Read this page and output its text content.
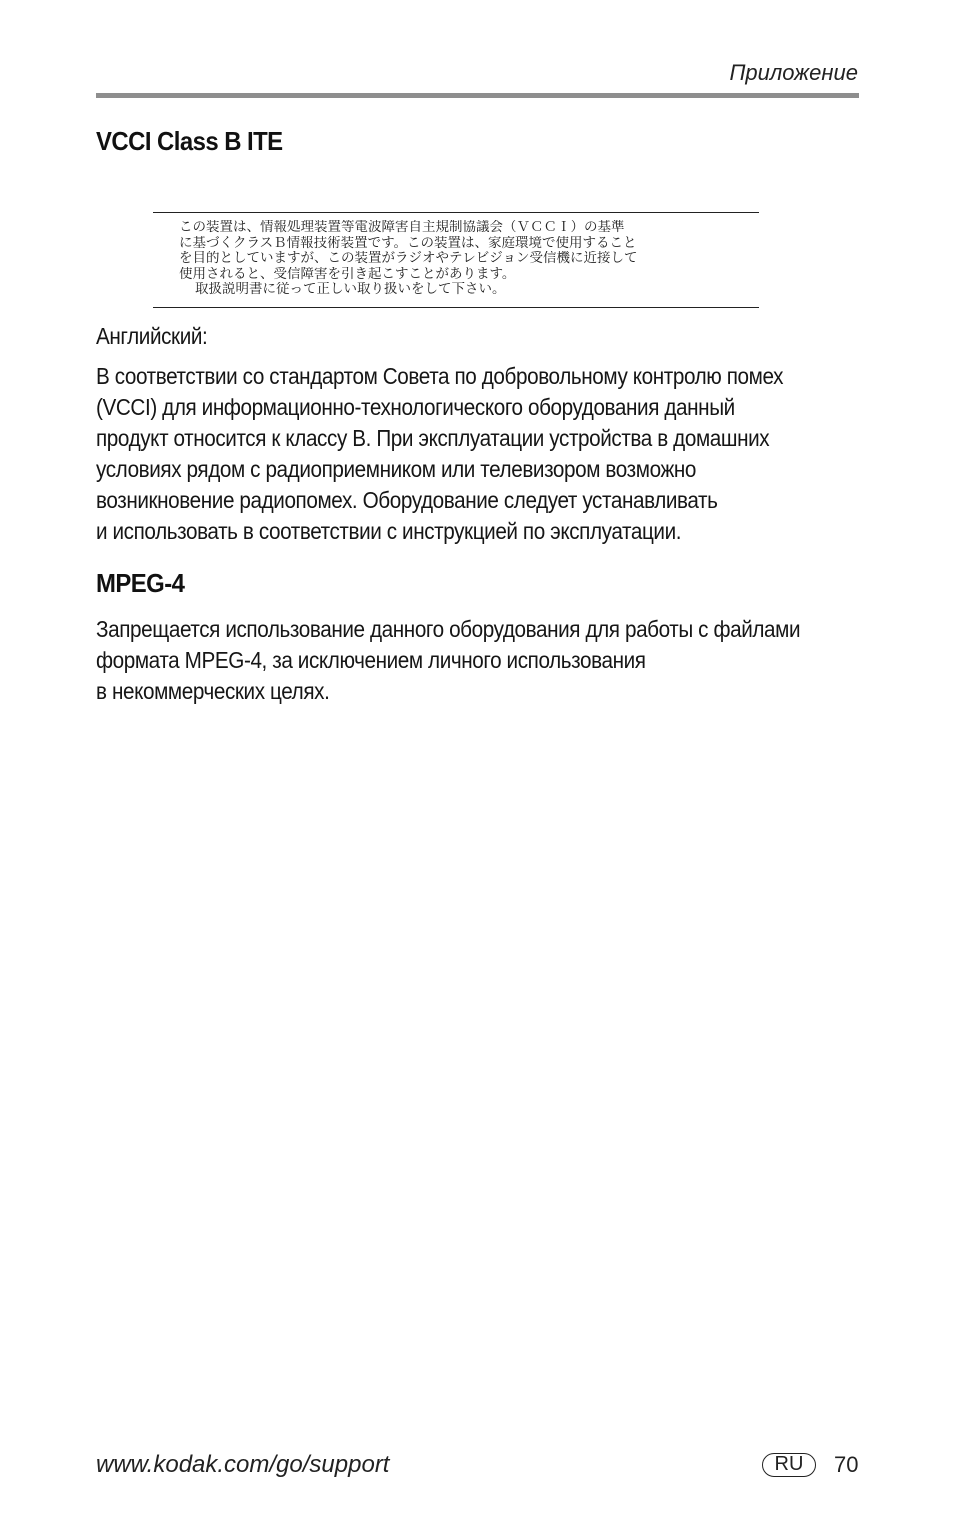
Приложение
VCCI Class B ITE
この装置は、情報処理装置等電波障害自主規制協議会（ＶＣＣＩ）の基準
に基づくクラスＢ情報技術装置です。この装置は、家庭環境で使用すること
を目的としていますが、この装置がラジオやテレビジョン受信機に近接して
使用されると、受信障害を引き起こすことがあります。
取扱説明書に従って正しい取り扱いをして下さい。
Английский:
В соответствии со стандартом Совета по добровольному контролю помех
(VCCI) для информационно-технологического оборудования данный
продукт относится к классу B. При эксплуатации устройства в домашних
условиях рядом с радиоприемником или телевизором возможно
возникновение радиопомех. Оборудование следует устанавливать
и использовать в соответствии с инструкцией по эксплуатации.
MPEG-4
Запрещается использование данного оборудования для работы с файлами
формата MPEG-4, за исключением личного использования
в некоммерческих целях.
www.kodak.com/go/support	RU	70
